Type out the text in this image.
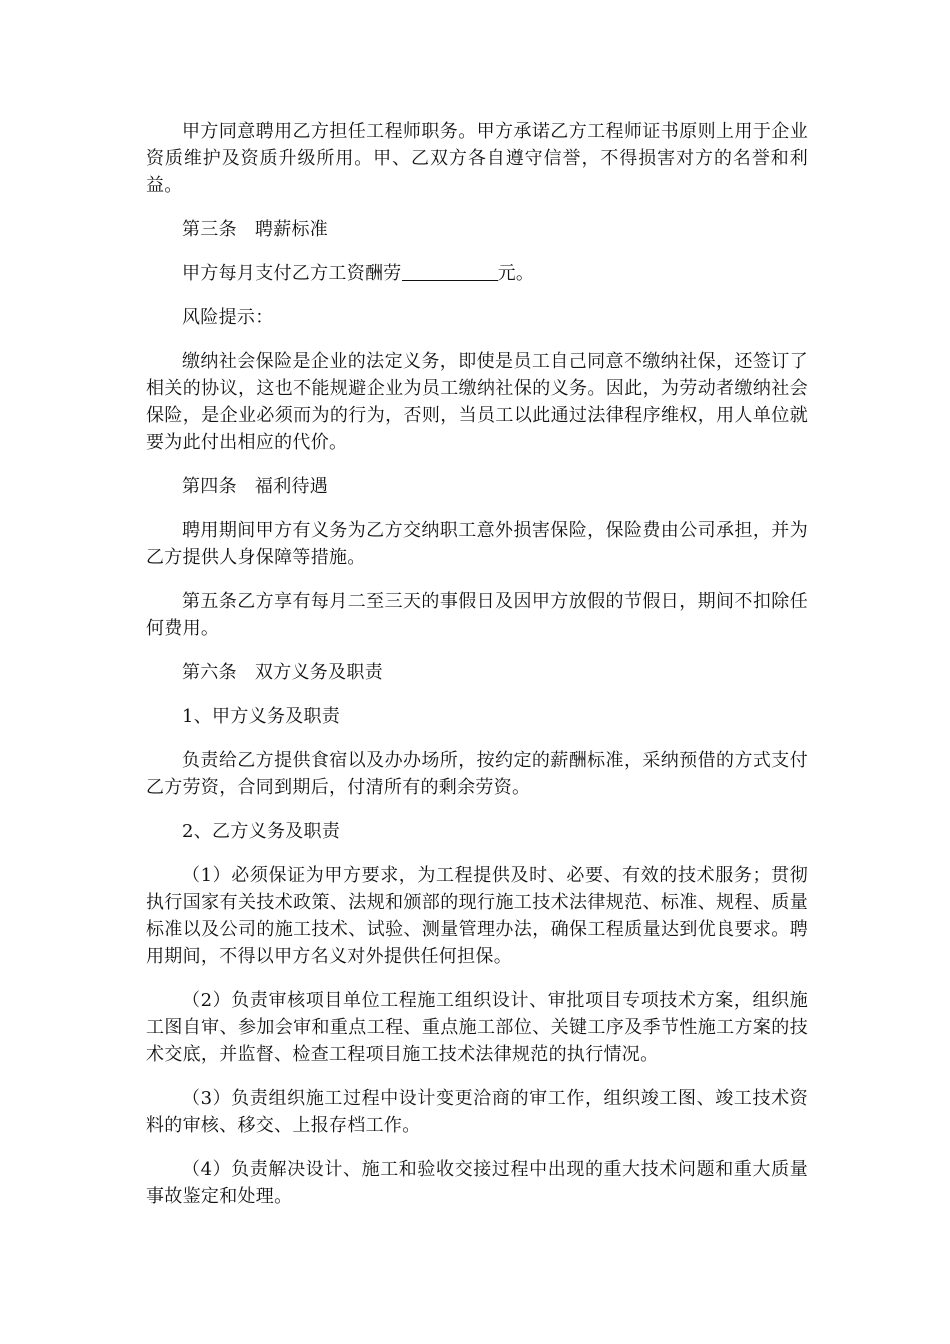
甲方同意聘用乙方担任工程师职务。甲方承诺乙方工程师证书原则上用于企业资质维护及资质升级所用。甲、乙双方各自遵守信誉，不得损害对方的名誉和利益。

第三条 聘薪标准

甲方每月支付乙方工资酬劳	元。

风险提示：

缴纳社会保险是企业的法定义务，即使是员工自己同意不缴纳社保，还签订了相关的协议，这也不能规避企业为员工缴纳社保的义务。因此，为劳动者缴纳社会保险，是企业必须而为的行为，否则，当员工以此通过法律程序维权，用人单位就要为此付出相应的代价。

第四条 福利待遇

聘用期间甲方有义务为乙方交纳职工意外损害保险，保险费由公司承担，并为乙方提供人身保障等措施。

第五条乙方享有每月二至三天的事假日及因甲方放假的节假日，期间不扣除任何费用。

第六条 双方义务及职责

1、甲方义务及职责

负责给乙方提供食宿以及办办场所，按约定的薪酬标准，采纳预借的方式支付乙方劳资，合同到期后，付清所有的剩余劳资。

2、乙方义务及职责

（1）必须保证为甲方要求，为工程提供及时、必要、有效的技术服务；贯彻执行国家有关技术政策、法规和颁部的现行施工技术法律规范、标准、规程、质量标准以及公司的施工技术、试验、测量管理办法，确保工程质量达到优良要求。聘用期间，不得以甲方名义对外提供任何担保。

（2）负责审核项目单位工程施工组织设计、审批项目专项技术方案，组织施工图自审、参加会审和重点工程、重点施工部位、关键工序及季节性施工方案的技术交底，并监督、检查工程项目施工技术法律规范的执行情况。

（3）负责组织施工过程中设计变更洽商的审工作，组织竣工图、竣工技术资料的审核、移交、上报存档工作。

（4）负责解决设计、施工和验收交接过程中出现的重大技术问题和重大质量事故鉴定和处理。
